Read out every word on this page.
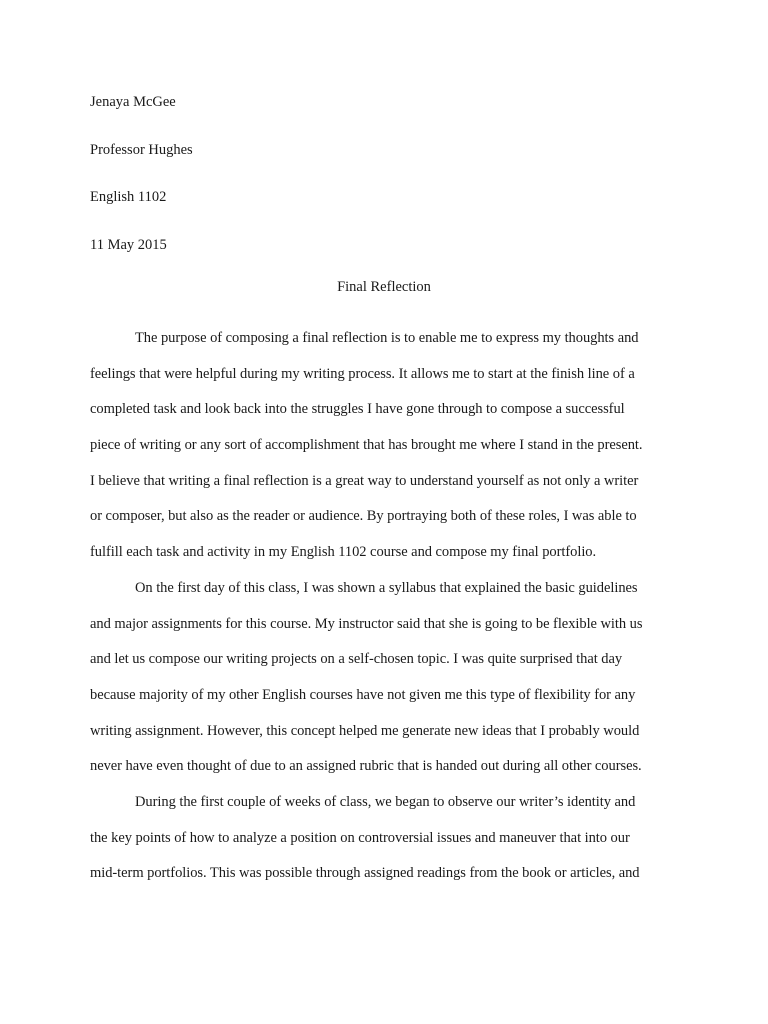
Jenaya McGee
Professor Hughes
English 1102
11 May 2015
Final Reflection
The purpose of composing a final reflection is to enable me to express my thoughts and
feelings that were helpful during my writing process. It allows me to start at the finish line of a
completed task and look back into the struggles I have gone through to compose a successful
piece of writing or any sort of accomplishment that has brought me where I stand in the present.
I believe that writing a final reflection is a great way to understand yourself as not only a writer
or composer, but also as the reader or audience. By portraying both of these roles, I was able to
fulfill each task and activity in my English 1102 course and compose my final portfolio.
On the first day of this class, I was shown a syllabus that explained the basic guidelines
and major assignments for this course. My instructor said that she is going to be flexible with us
and let us compose our writing projects on a self-chosen topic. I was quite surprised that day
because majority of my other English courses have not given me this type of flexibility for any
writing assignment. However, this concept helped me generate new ideas that I probably would
never have even thought of due to an assigned rubric that is handed out during all other courses.
During the first couple of weeks of class, we began to observe our writer’s identity and
the key points of how to analyze a position on controversial issues and maneuver that into our
mid-term portfolios. This was possible through assigned readings from the book or articles, and
